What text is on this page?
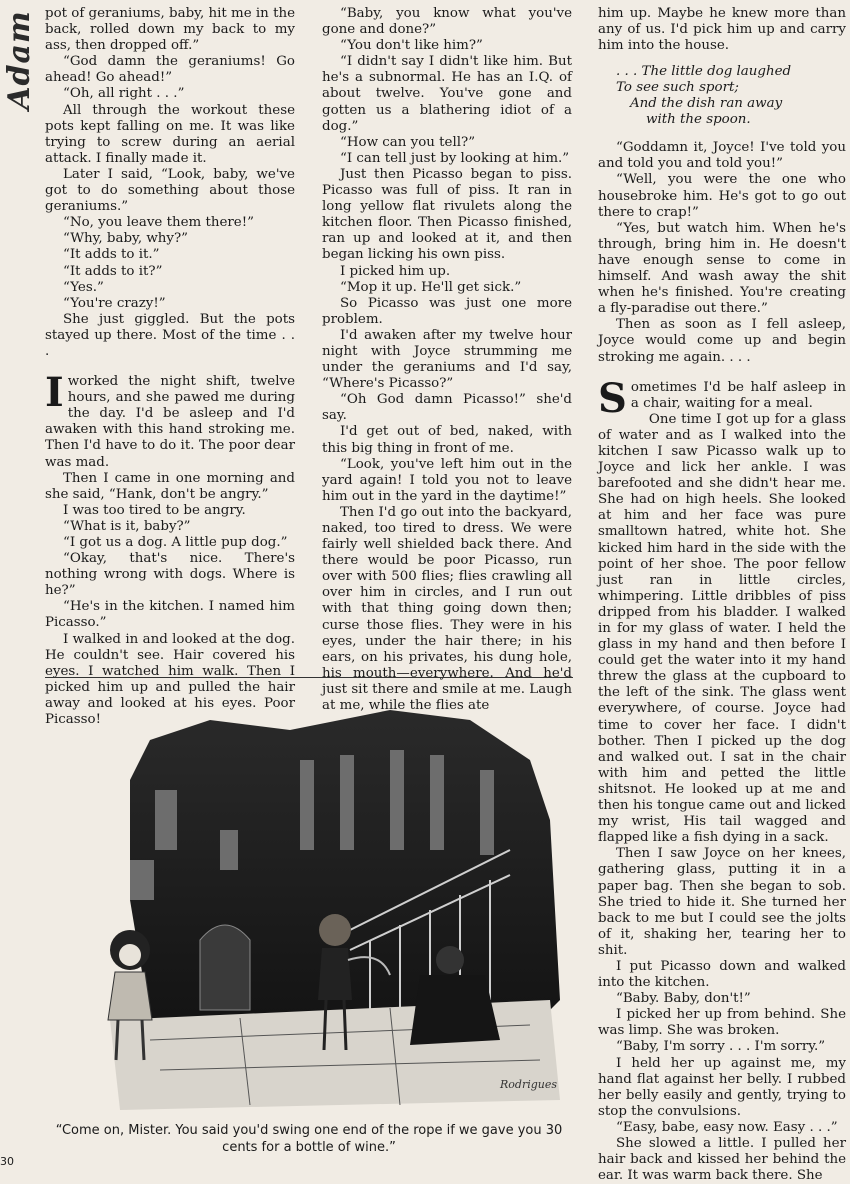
Adam pot of geraniums, baby, hit me in the back, rolled down my back to my ass, then dropped off.”

“God damn the geraniums! Go ahead! Go ahead!”

“Oh, all right . . .”

All through the workout these pots kept falling on me. It was like trying to screw during an aerial attack. I finally made it.

Later I said, “Look, baby, we've got to do something about those geraniums.”

“No, you leave them there!”

“Why, baby, why?”

“It adds to it.”

“It adds to it?”

“Yes.”

“You're crazy!”

She just giggled. But the pots stayed up there. Most of the time . . .

Iworked the night shift, twelve hours, and she pawed me during the day. I'd be asleep and I'd awaken with this hand stroking me. Then I'd have to do it. The poor dear was mad.

Then I came in one morning and she said, “Hank, don't be angry.”

I was too tired to be angry.

“What is it, baby?”

“I got us a dog. A little pup dog.”

“Okay, that's nice. There's nothing wrong with dogs. Where is he?”

“He's in the kitchen. I named him Picasso.”

I walked in and looked at the dog. He couldn't see. Hair covered his eyes. I watched him walk. Then I picked him up and pulled the hair away and looked at his eyes. Poor Picasso!

“Baby, you know what you've gone and done?”

“You don't like him?”

“I didn't say I didn't like him. But he's a subnormal. He has an I.Q. of about twelve. You've gone and gotten us a blathering idiot of a dog.”

“How can you tell?”

“I can tell just by looking at him.”

Just then Picasso began to piss. Picasso was full of piss. It ran in long yellow flat rivulets along the kitchen floor. Then Picasso finished, ran up and looked at it, and then began licking his own piss.

I picked him up.

“Mop it up. He'll get sick.”

So Picasso was just one more problem.

I'd awaken after my twelve hour night with Joyce strumming me under the geraniums and I'd say, “Where's Picasso?”

“Oh God damn Picasso!” she'd say.

I'd get out of bed, naked, with this big thing in front of me.

“Look, you've left him out in the yard again! I told you not to leave him out in the yard in the daytime!”

Then I'd go out into the backyard, naked, too tired to dress. We were fairly well shielded back there. And there would be poor Picasso, run over with 500 flies; flies crawling all over him in circles, and I run out with that thing going down then; curse those flies. They were in his eyes, under the hair there; in his ears, on his privates, his dung hole, his mouth—everywhere. And he'd just sit there and smile at me. Laugh at me, while the flies ate

him up. Maybe he knew more than any of us. I'd pick him up and carry him into the house.

. . . The little dog laughed
To see such sport;
And the dish ran away
with the spoon.

“Goddamn it, Joyce! I've told you and told you and told you!”

“Well, you were the one who housebroke him. He's got to go out there to crap!”

“Yes, but watch him. When he's through, bring him in. He doesn't have enough sense to come in himself. And wash away the shit when he's finished. You're creating a fly-paradise out there.”

Then as soon as I fell asleep, Joyce would come up and begin stroking me again. . . .

Sometimes I'd be half asleep in a chair, waiting for a meal.

One time I got up for a glass of water and as I walked into the kitchen I saw Picasso walk up to Joyce and lick her ankle. I was barefooted and she didn't hear me. She had on high heels. She looked at him and her face was pure smalltown hatred, white hot. She kicked him hard in the side with the point of her shoe. The poor fellow just ran in little circles, whimpering. Little dribbles of piss dripped from his bladder. I walked in for my glass of water. I held the glass in my hand and then before I could get the water into it my hand threw the glass at the cupboard to the left of the sink. The glass went everywhere, of course. Joyce had time to cover her face. I didn't bother. Then I picked up the dog and walked out. I sat in the chair with him and petted the little shitsnot. He looked up at me and then his tongue came out and licked my wrist, His tail wagged and flapped like a fish dying in a sack.

Then I saw Joyce on her knees, gathering glass, putting it in a paper bag. Then she began to sob. She tried to hide it. She turned her back to me but I could see the jolts of it, shaking her, tearing her to shit.

I put Picasso down and walked into the kitchen.

“Baby. Baby, don't!”

I picked her up from behind. She was limp. She was broken.

“Baby, I'm sorry . . . I'm sorry.”

I held her up against me, my hand flat against her belly. I rubbed her belly easily and gently, trying to stop the convulsions.

“Easy, babe, easy now. Easy . . .”

She slowed a little. I pulled her hair back and kissed her behind the ear. It was warm back there. She

Rodrigues
“Come on, Mister. You said you'd swing one end of the rope if we gave you 30 cents for a bottle of wine.”
30
